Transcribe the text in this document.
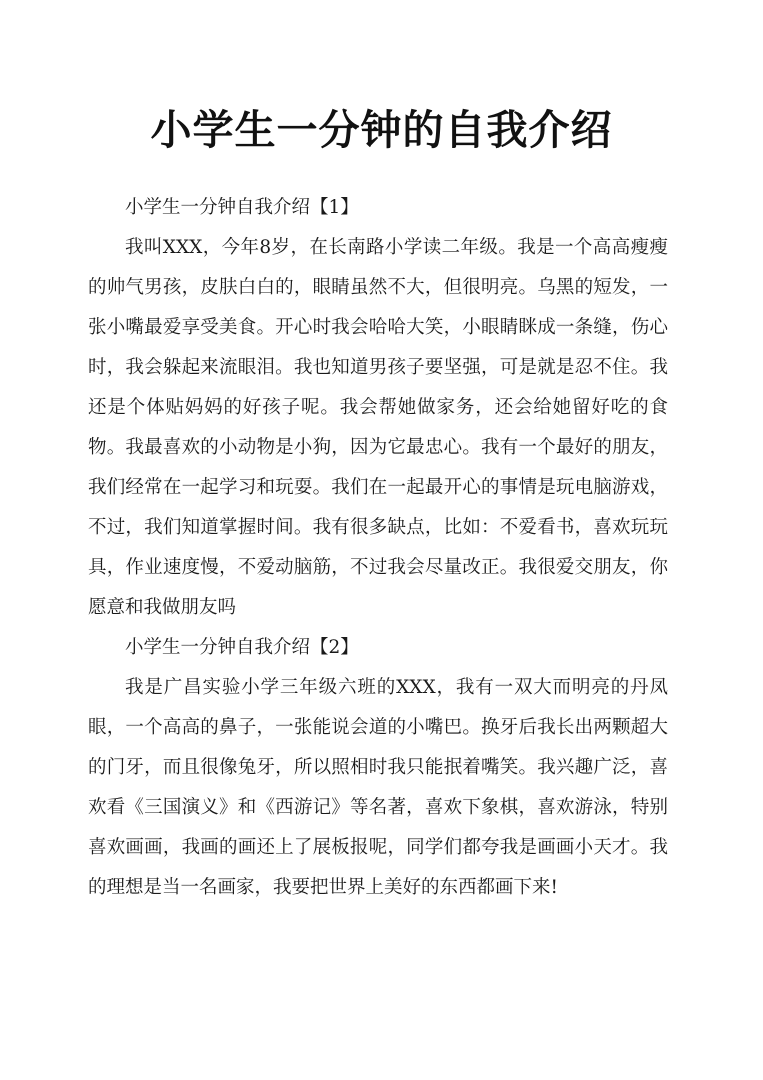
小学生一分钟的自我介绍

小学生一分钟自我介绍【1】

我叫XXX，今年8岁，在长南路小学读二年级。我是一个高高瘦瘦的帅气男孩，皮肤白白的，眼睛虽然不大，但很明亮。乌黑的短发，一张小嘴最爱享受美食。开心时我会哈哈大笑，小眼睛眯成一条缝，伤心时，我会躲起来流眼泪。我也知道男孩子要坚强，可是就是忍不住。我还是个体贴妈妈的好孩子呢。我会帮她做家务，还会给她留好吃的食物。我最喜欢的小动物是小狗，因为它最忠心。我有一个最好的朋友，我们经常在一起学习和玩耍。我们在一起最开心的事情是玩电脑游戏，不过，我们知道掌握时间。我有很多缺点，比如：不爱看书，喜欢玩玩具，作业速度慢，不爱动脑筋，不过我会尽量改正。我很爱交朋友，你愿意和我做朋友吗

小学生一分钟自我介绍【2】

我是广昌实验小学三年级六班的XXX，我有一双大而明亮的丹凤眼，一个高高的鼻子，一张能说会道的小嘴巴。换牙后我长出两颗超大的门牙，而且很像兔牙，所以照相时我只能抿着嘴笑。我兴趣广泛，喜欢看《三国演义》和《西游记》等名著，喜欢下象棋，喜欢游泳，特别喜欢画画，我画的画还上了展板报呢，同学们都夸我是画画小天才。我的理想是当一名画家，我要把世界上美好的东西都画下来!
